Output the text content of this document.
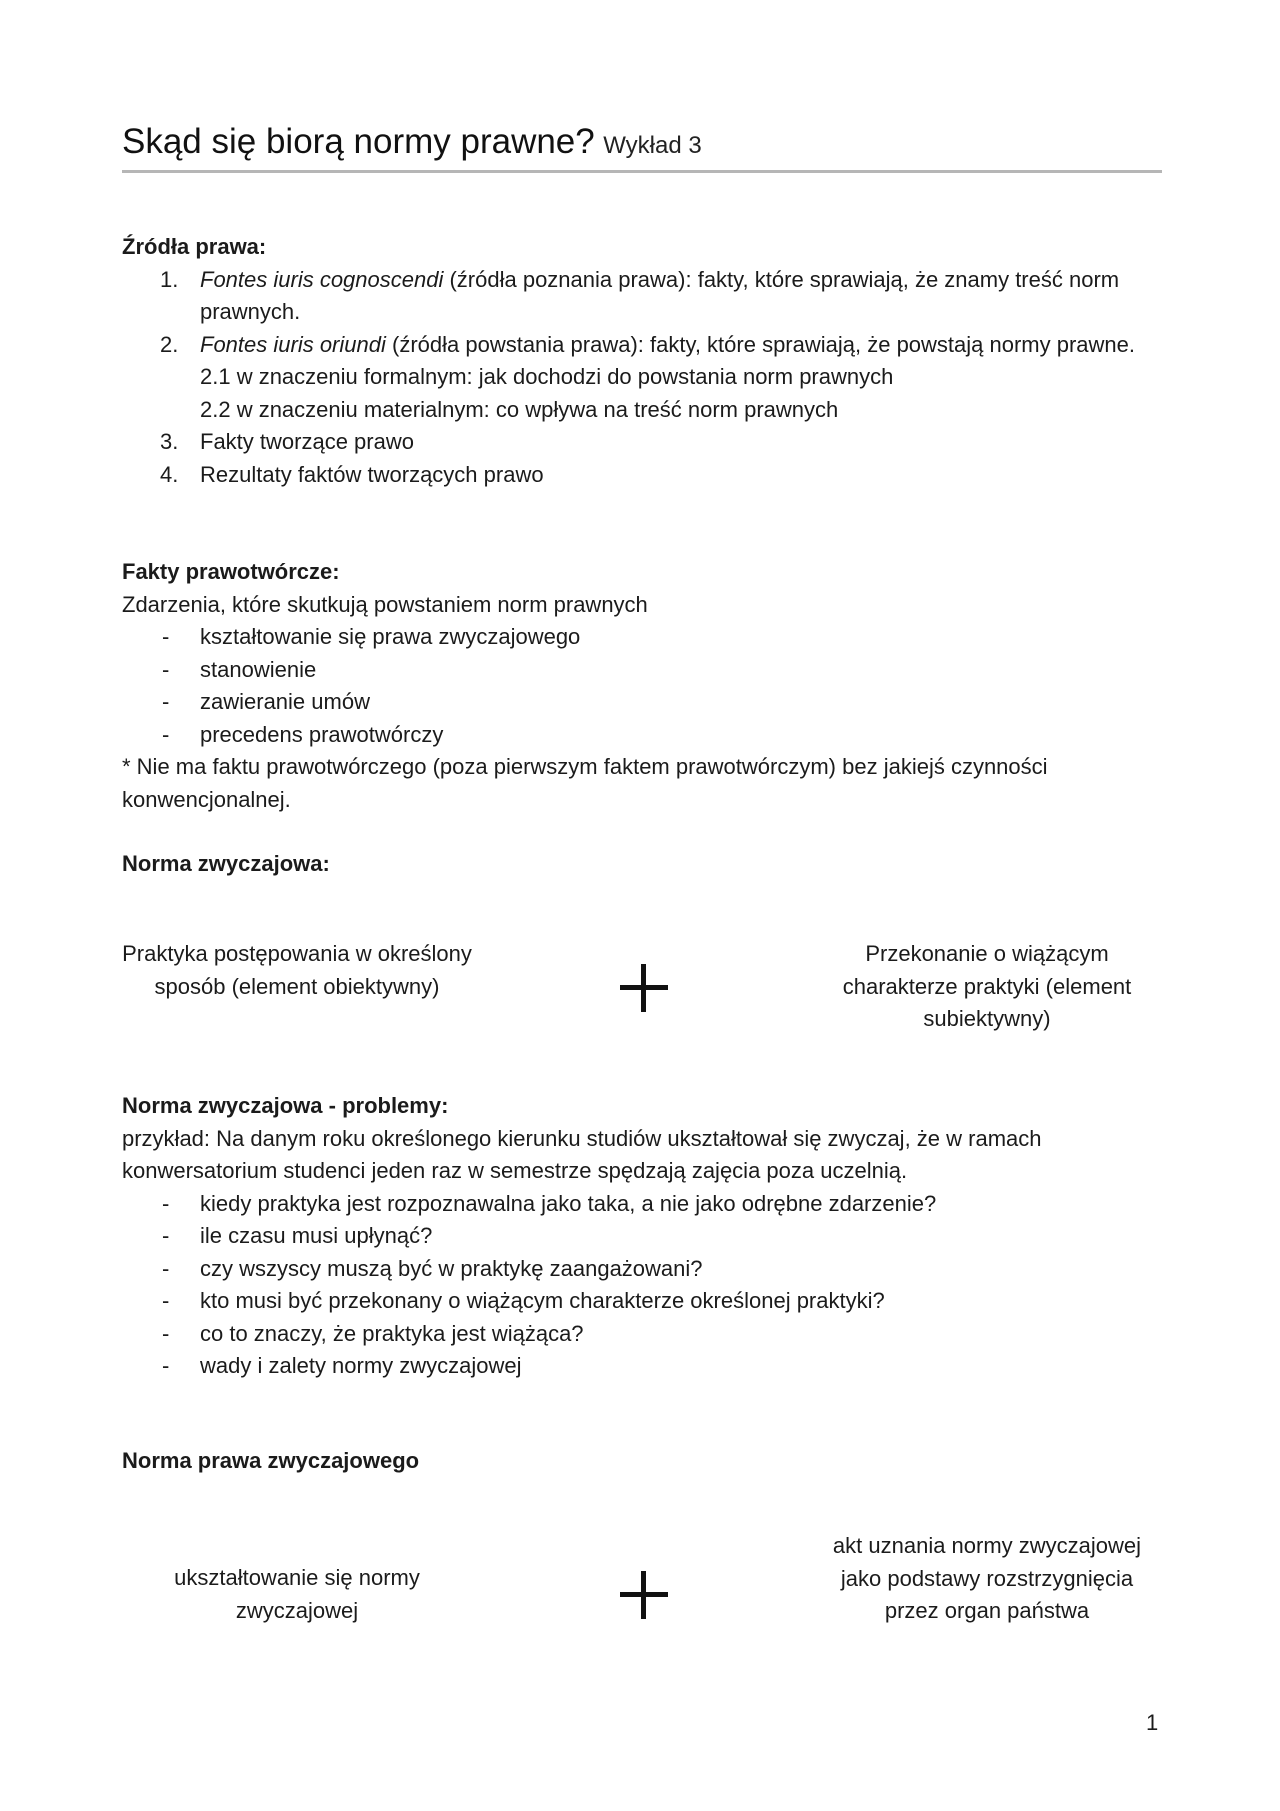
Skąd się biorą normy prawne? Wykład 3
Źródła prawa:
1. Fontes iuris cognoscendi (źródła poznania prawa): fakty, które sprawiają, że znamy treść norm prawnych.
2. Fontes iuris oriundi (źródła powstania prawa): fakty, które sprawiają, że powstają normy prawne.
2.1 w znaczeniu formalnym: jak dochodzi do powstania norm prawnych
2.2 w znaczeniu materialnym: co wpływa na treść norm prawnych
3. Fakty tworzące prawo
4. Rezultaty faktów tworzących prawo
Fakty prawotwórcze:
Zdarzenia, które skutkują powstaniem norm prawnych
- kształtowanie się prawa zwyczajowego
- stanowienie
- zawieranie umów
- precedens prawotwórczy
* Nie ma faktu prawotwórczego (poza pierwszym faktem prawotwórczym) bez jakiejś czynności konwencjonalnej.
Norma zwyczajowa:
Praktyka postępowania w określony sposób (element obiektywny)
Przekonanie o wiążącym charakterze praktyki (element subiektywny)
Norma zwyczajowa - problemy:
przykład: Na danym roku określonego kierunku studiów ukształtował się zwyczaj, że w ramach konwersatorium studenci jeden raz w semestrze spędzają zajęcia poza uczelnią.
- kiedy praktyka jest rozpoznawalna jako taka, a nie jako odrębne zdarzenie?
- ile czasu musi upłynąć?
- czy wszyscy muszą być w praktykę zaangażowani?
- kto musi być przekonany o wiążącym charakterze określonej praktyki?
- co to znaczy, że praktyka jest wiążąca?
- wady i zalety normy zwyczajowej
Norma prawa zwyczajowego
ukształtowanie się normy zwyczajowej
akt uznania normy zwyczajowej jako podstawy rozstrzygnięcia przez organ państwa
1
